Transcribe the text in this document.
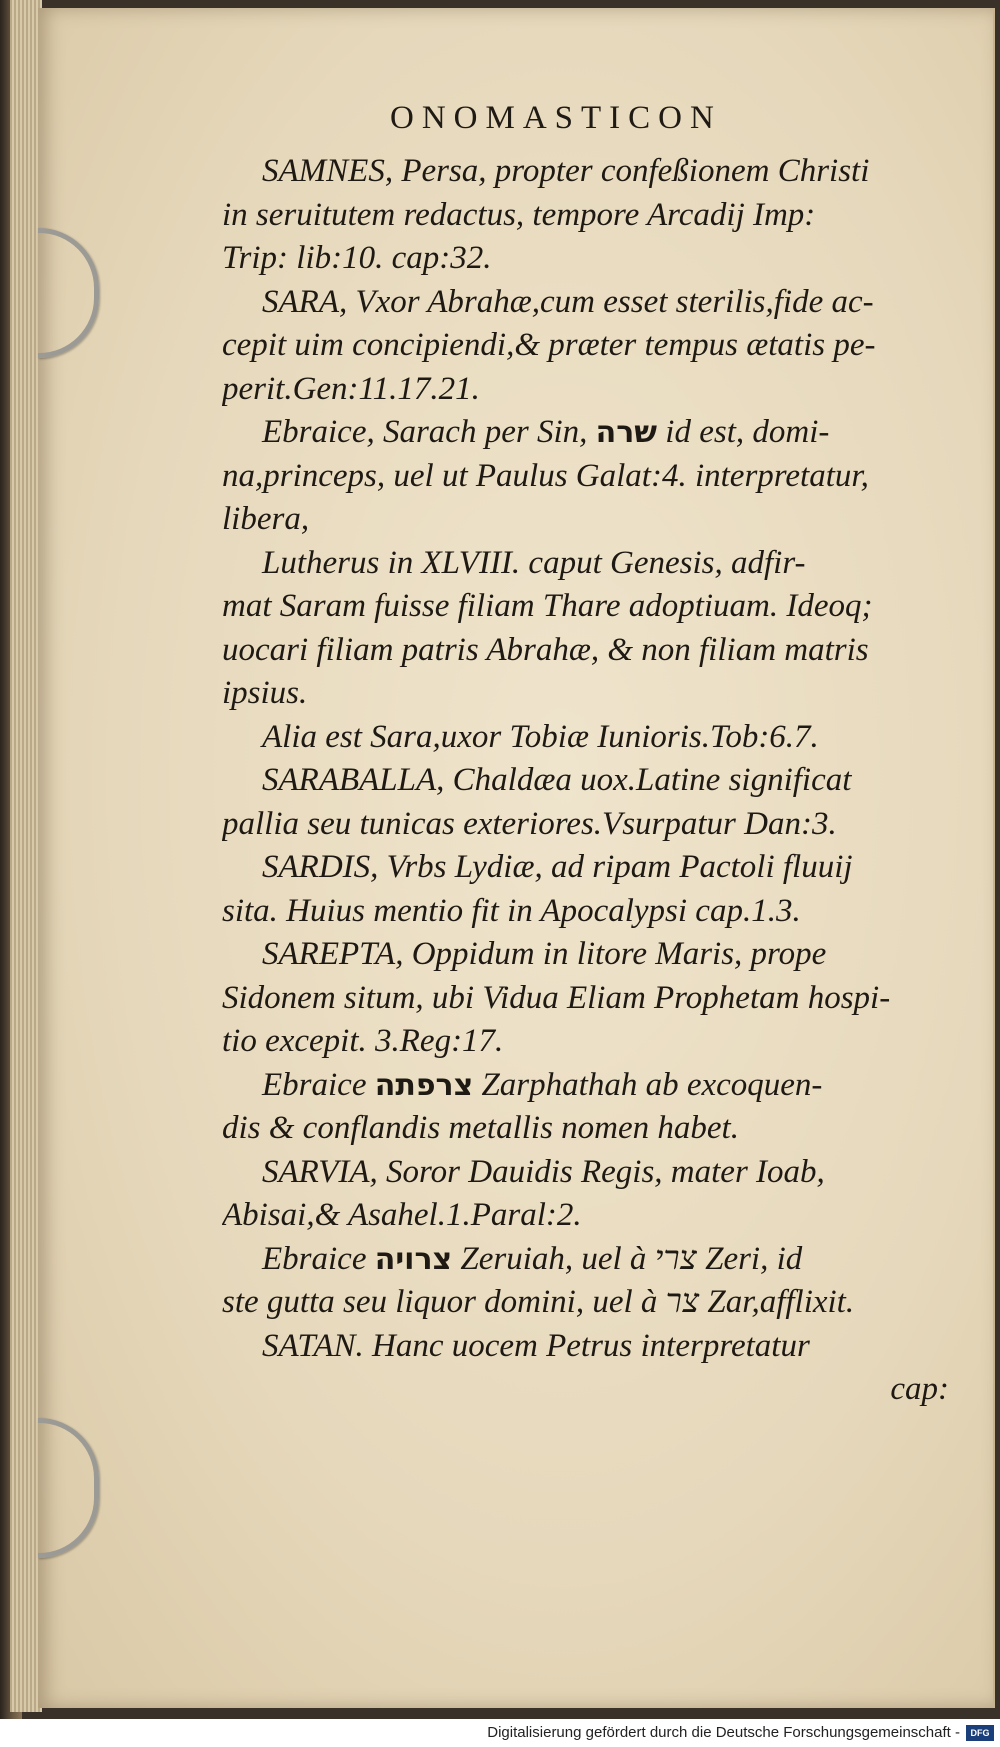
ONOMASTICON
SAMNES, Persa, propter confeßionem Christi
in seruitutem redactus, tempore Arcadij Imp:
Trip: lib:10. cap:32.
SARA, Vxor Abrahæ,cum esset sterilis,fide ac-
cepit uim concipiendi,& præter tempus ætatis pe-
perit.Gen:11.17.21.
Ebraice, Sarach per Sin, שרה id est, domi-
na,princeps, uel ut Paulus Galat:4. interpretatur,
libera,
Lutherus in XLVIII. caput Genesis, adfir-
mat Saram fuisse filiam Thare adoptiuam. Ideoq;
uocari filiam patris Abrahæ, & non filiam matris
ipsius.
Alia est Sara,uxor Tobiæ Iunioris.Tob:6.7.
SARABALLA, Chaldæa uox.Latine significat
pallia seu tunicas exteriores.Vsurpatur Dan:3.
SARDIS, Vrbs Lydiæ, ad ripam Pactoli fluuij
sita. Huius mentio fit in Apocalypsi cap.1.3.
SAREPTA, Oppidum in litore Maris, prope
Sidonem situm, ubi Vidua Eliam Prophetam hospi-
tio excepit. 3.Reg:17.
Ebraice צרפתה Zarphathah ab excoquen-
dis & conflandis metallis nomen habet.
SARVIA, Soror Dauidis Regis, mater Ioab,
Abisai,& Asahel.1.Paral:2.
Ebraice צרויה Zeruiah, uel à צרי Zeri, id
ste gutta seu liquor domini, uel à צר Zar,afflixit.
SATAN. Hanc uocem Petrus interpretatur
cap:
Digitalisierung gefördert durch die Deutsche Forschungsgemeinschaft -	DFG
